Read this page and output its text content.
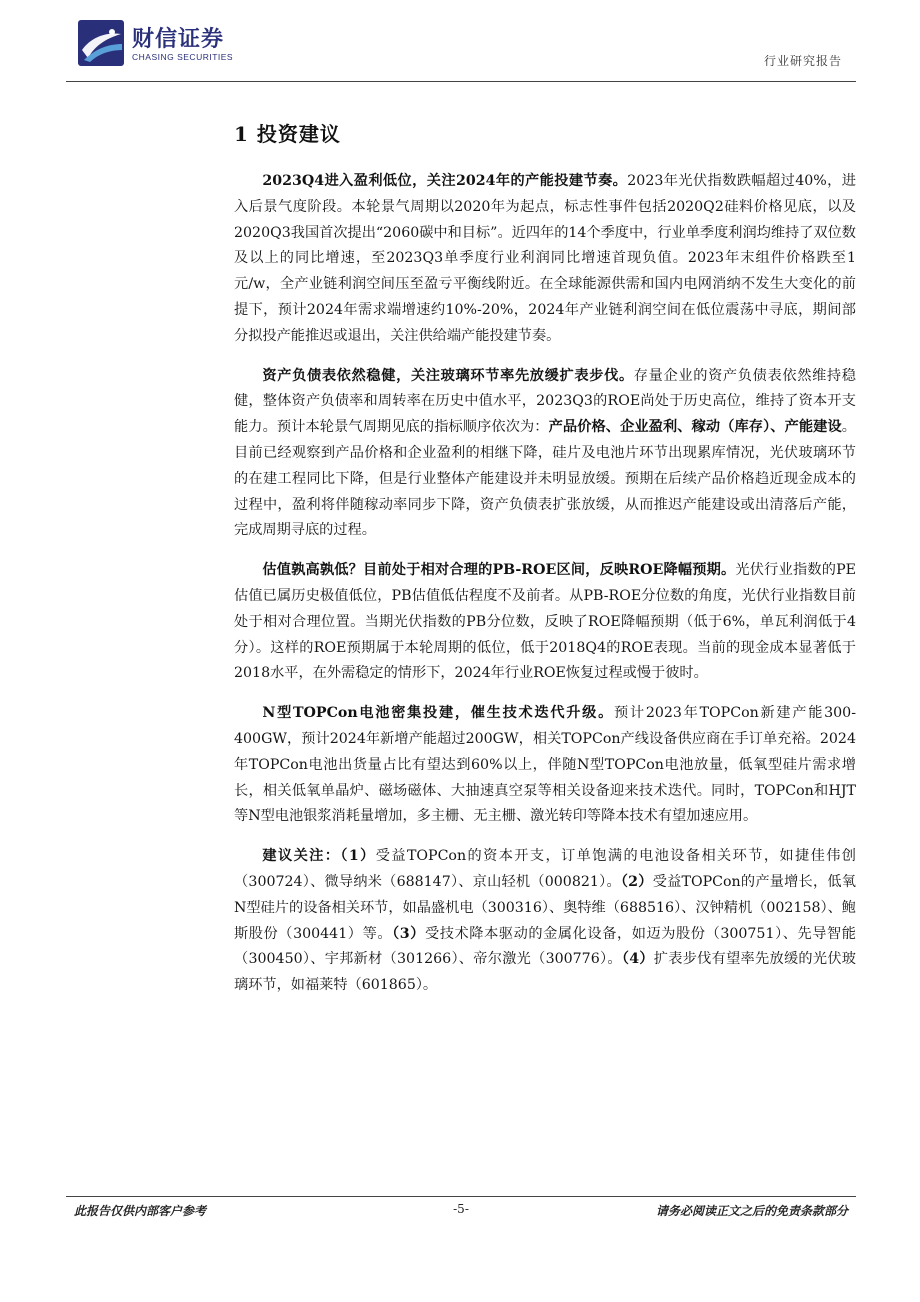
财信证券
CHASING SECURITIES	行业研究报告
1 投资建议

2023Q4进入盈利低位，关注2024年的产能投建节奏。2023年光伏指数跌幅超过40%，进入后景气度阶段。本轮景气周期以2020年为起点，标志性事件包括2020Q2硅料价格见底，以及2020Q3我国首次提出“2060碳中和目标”。近四年的14个季度中，行业单季度利润均维持了双位数及以上的同比增速，至2023Q3单季度行业利润同比增速首现负值。2023年末组件价格跌至1元/w，全产业链利润空间压至盈亏平衡线附近。在全球能源供需和国内电网消纳不发生大变化的前提下，预计2024年需求端增速约10%-20%，2024年产业链利润空间在低位震荡中寻底，期间部分拟投产能推迟或退出，关注供给端产能投建节奏。

资产负债表依然稳健，关注玻璃环节率先放缓扩表步伐。存量企业的资产负债表依然维持稳健，整体资产负债率和周转率在历史中值水平，2023Q3的ROE尚处于历史高位，维持了资本开支能力。预计本轮景气周期见底的指标顺序依次为：产品价格、企业盈利、稼动（库存）、产能建设。目前已经观察到产品价格和企业盈利的相继下降，硅片及电池片环节出现累库情况，光伏玻璃环节的在建工程同比下降，但是行业整体产能建设并未明显放缓。预期在后续产品价格趋近现金成本的过程中，盈利将伴随稼动率同步下降，资产负债表扩张放缓，从而推迟产能建设或出清落后产能，完成周期寻底的过程。

估值孰高孰低？目前处于相对合理的PB-ROE区间，反映ROE降幅预期。光伏行业指数的PE估值已属历史极值低位，PB估值低估程度不及前者。从PB-ROE分位数的角度，光伏行业指数目前处于相对合理位置。当期光伏指数的PB分位数，反映了ROE降幅预期（低于6%，单瓦利润低于4分）。这样的ROE预期属于本轮周期的低位，低于2018Q4的ROE表现。当前的现金成本显著低于2018水平，在外需稳定的情形下，2024年行业ROE恢复过程或慢于彼时。

N型TOPCon电池密集投建，催生技术迭代升级。预计2023年TOPCon新建产能300-400GW，预计2024年新增产能超过200GW，相关TOPCon产线设备供应商在手订单充裕。2024年TOPCon电池出货量占比有望达到60%以上，伴随N型TOPCon电池放量，低氧型硅片需求增长，相关低氧单晶炉、磁场磁体、大抽速真空泵等相关设备迎来技术迭代。同时，TOPCon和HJT等N型电池银浆消耗量增加，多主栅、无主栅、激光转印等降本技术有望加速应用。

建议关注：（1）受益TOPCon的资本开支，订单饱满的电池设备相关环节，如捷佳伟创（300724）、微导纳米（688147）、京山轻机（000821）。（2）受益TOPCon的产量增长，低氧N型硅片的设备相关环节，如晶盛机电（300316）、奥特维（688516）、汉钟精机（002158）、鲍斯股份（300441）等。（3）受技术降本驱动的金属化设备，如迈为股份（300751）、先导智能（300450）、宇邦新材（301266）、帝尔激光（300776）。（4）扩表步伐有望率先放缓的光伏玻璃环节，如福莱特（601865）。

此报告仅供内部客户参考	-5-	请务必阅读正文之后的免责条款部分
